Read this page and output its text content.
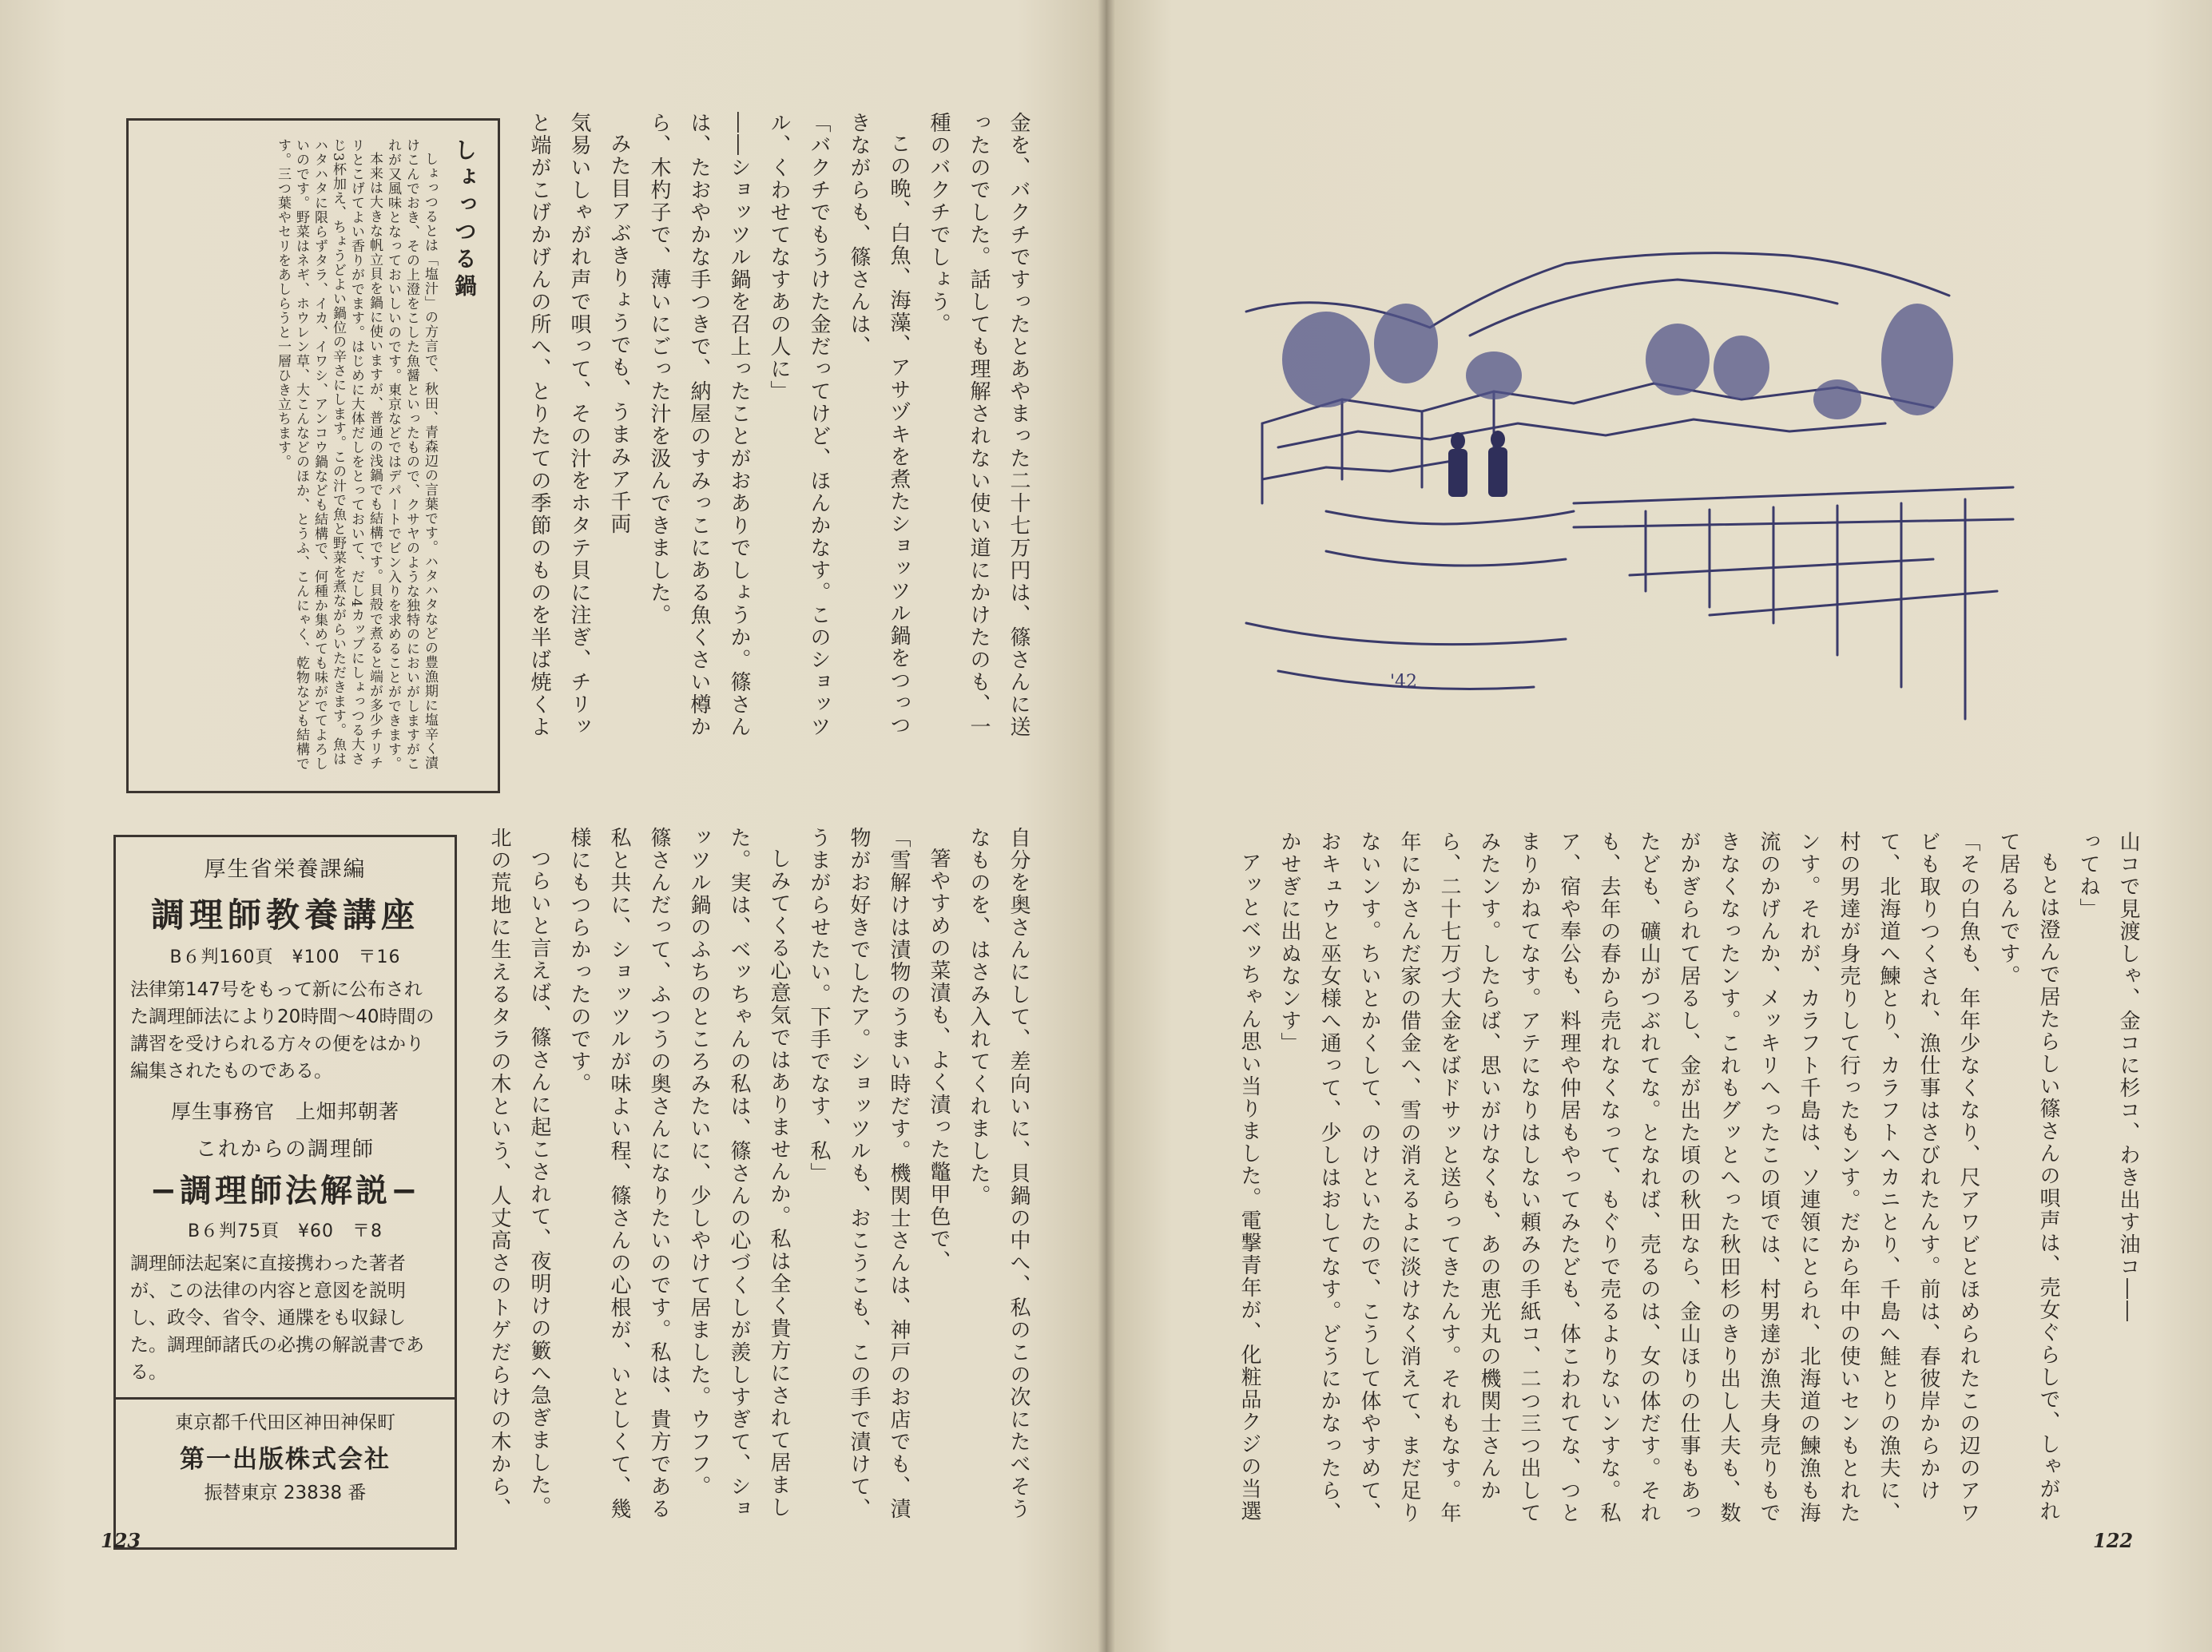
金を、バクチですったとあやまった二十七万円は、篠さんに送ったのでした。話しても理解されない使い道にかけたのも、一種のバクチでしょう。

この晩、白魚、海藻、アサヅキを煮たショッツル鍋をつっつきながらも、篠さんは、

「バクチでもうけた金だってけど、ほんかなす。このショッツル、くわせてなすあの人に」

――ショッツル鍋を召上ったことがおありでしょうか。篠さんは、たおやかな手つきで、納屋のすみっこにある魚くさい樽から、木杓子で、薄いにごった汁を汲んできました。

みた目アぶきりょうでも、うまみア千両

気易いしゃがれ声で唄って、その汁をホタテ貝に注ぎ、チリッと端がこげかげんの所へ、とりたての季節のものを半ば焼くよ

しょっつる鍋

しょっつるとは「塩汁」の方言で、秋田、青森辺の言葉です。ハタハタなどの豊漁期に塩辛く漬けこんでおき、その上澄をこした魚醤といったもので、クサヤのような独特のにおいがしますがこれが又風味となっておいしいのです。東京などではデパートでビン入りを求めることができます。

本来は大きな帆立貝を鍋に使いますが、普通の浅鍋でも結構です。貝殻で煮ると端が多少チリチリとこげてよい香りがでます。はじめに大体だしをとっておいて、だし4カップにしょっつる大さじ3杯加え、ちょうどよい鍋位の辛さにします。この汁で魚と野菜を煮ながらいただきます。魚はハタハタに限らずタラ、イカ、イワシ、アンコウ鍋なども結構で、何種か集めても味がでてよろしいのです。野菜はネギ、ホウレン草、大こんなどのほか、とうふ、こんにゃく、乾物なども結構です。三つ葉やセリをあしらうと一層ひき立ちます。

自分を奥さんにして、差向いに、貝鍋の中へ、私のこの次にたべそうなものを、はさみ入れてくれました。

箸やすめの菜漬も、よく漬った鼈甲色で、

「雪解けは漬物のうまい時だす。機関士さんは、神戸のお店でも、漬物がお好きでしたア。ショッツルも、おこうこも、この手で漬けて、うまがらせたい。下手でなす、私」

しみてくる心意気ではありませんか。私は全く貴方にされて居ました。実は、ベッちゃんの私は、篠さんの心づくしが羨しすぎて、ショッツル鍋のふちのところみたいに、少しやけて居ました。ウフフ。

篠さんだって、ふつうの奥さんになりたいのです。私は、貴方である私と共に、ショッツルが味よい程、篠さんの心根が、いとしくて、幾様にもつらかったのです。

つらいと言えば、篠さんに起こされて、夜明けの籔へ急ぎました。北の荒地に生えるタラの木という、人丈高さのトゲだらけの木から、

厚生省栄養課編
調理師教養講座
B６判160頁　¥100　〒16
法律第147号をもって新に公布された調理師法により20時間～40時間の講習を受けられる方々の便をはかり編集されたものである。
厚生事務官　上畑邦朝著
これからの調理師
−調理師法解説−
B６判75頁　¥60　〒8
調理師法起案に直接携わった著者が、この法律の内容と意図を説明し、政令、省令、通牒をも収録した。調理師諸氏の必携の解説書である。
東京都千代田区神田神保町
第一出版株式会社
振替東京 23838 番
123
'42

山コで見渡しゃ、金コに杉コ、わき出す油コ――

ってね」

もとは澄んで居たらしい篠さんの唄声は、売女ぐらしで、しゃがれて居るんです。

「その白魚も、年年少なくなり、尺アワビとほめられたこの辺のアワビも取りつくされ、漁仕事はさびれたんす。前は、春彼岸からかけて、北海道へ鰊とり、カラフトへカニとり、千島へ鮭とりの漁夫に、村の男達が身売りして行ったもンす。だから年中の使いセンもとれたンす。それが、カラフト千島は、ソ連領にとられ、北海道の鰊漁も海流のかげんか、メッキリへったこの頃では、村男達が漁夫身売りもできなくなったンす。これもグッとへった秋田杉のきり出し人夫も、数がかぎられて居るし、金が出た頃の秋田なら、金山ほりの仕事もあったども、礦山がつぶれてな。となれば、売るのは、女の体だす。それも、去年の春から売れなくなって、もぐりで売るよりないンすな。私ア、宿や奉公も、料理や仲居もやってみたども、体こわれてな、つとまりかねてなす。アテになりはしない頼みの手紙コ、二つ三つ出してみたンす。したらば、思いがけなくも、あの恵光丸の機関士さんから、二十七万づ大金をばドサッと送らってきたんす。それもなす。年年にかさんだ家の借金へ、雪の消えるよに淡けなく消えて、まだ足りないンす。ちいとかくして、のけといたので、こうして体やすめて、おキュウと巫女様へ通って、少しはおしてなす。どうにかなったら、かせぎに出ぬなンす」

アッとベッちゃん思い当りました。電撃青年が、化粧品クジの当選

122
